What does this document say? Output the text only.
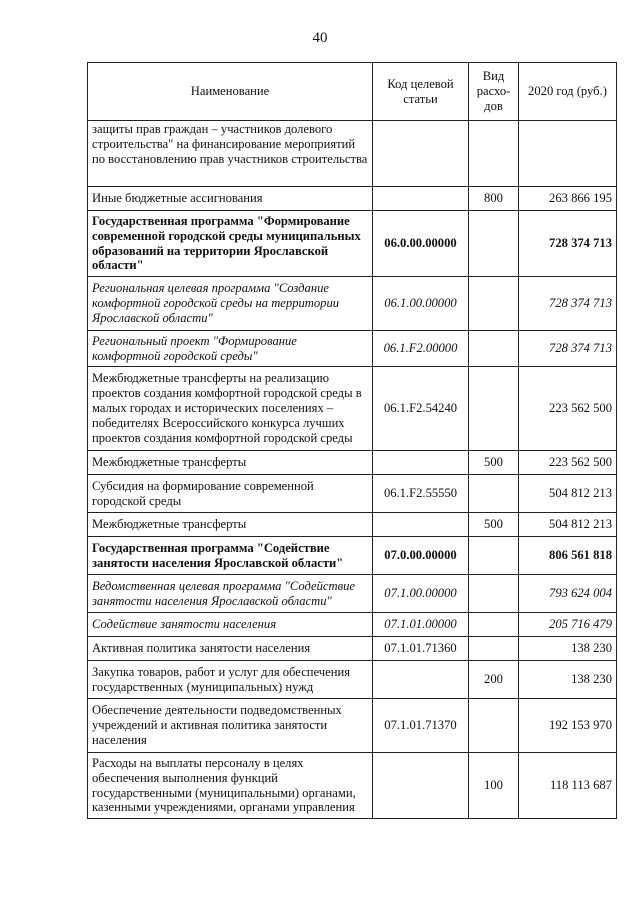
40
Наименование	Код целевой статьи	Вид расхо-дов	2020 год (руб.)
защиты прав граждан – участников долевого строительства" на финансирование мероприятий по восстановлению прав участников строительства			
Иные бюджетные ассигнования		800	263 866 195
Государственная программа "Формирование современной городской среды муниципальных образований на территории Ярославской области"	06.0.00.00000		728 374 713
Региональная целевая программа "Создание комфортной городской среды на территории Ярославской области"	06.1.00.00000		728 374 713
Региональный проект "Формирование комфортной городской среды"	06.1.F2.00000		728 374 713
Межбюджетные трансферты на реализацию проектов создания комфортной городской среды в малых городах и исторических поселениях – победителях Всероссийского конкурса лучших проектов создания комфортной городской среды	06.1.F2.54240		223 562 500
Межбюджетные трансферты		500	223 562 500
Субсидия на формирование современной городской среды	06.1.F2.55550		504 812 213
Межбюджетные трансферты		500	504 812 213
Государственная программа "Содействие занятости населения Ярославской области"	07.0.00.00000		806 561 818
Ведомственная целевая программа "Содействие занятости населения Ярославской области"	07.1.00.00000		793 624 004
Содействие занятости населения	07.1.01.00000		205 716 479
Активная политика занятости населения	07.1.01.71360		138 230
Закупка товаров, работ и услуг для обеспечения государственных (муниципальных) нужд		200	138 230
Обеспечение деятельности подведомственных учреждений и активная политика занятости населения	07.1.01.71370		192 153 970
Расходы на выплаты персоналу в целях обеспечения выполнения функций государственными (муниципальными) органами, казенными учреждениями, органами управления		100	118 113 687
